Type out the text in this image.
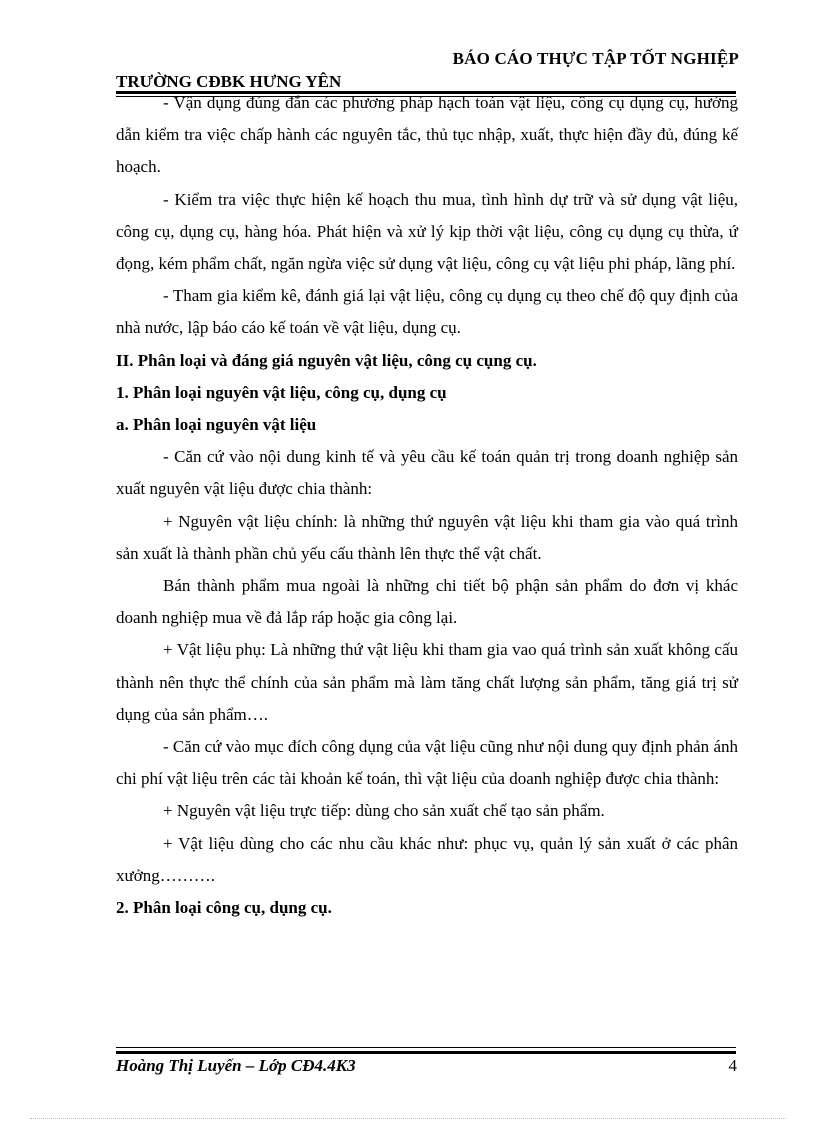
BÁO CÁO THỰC TẬP TỐT NGHIỆP
TRƯỜNG CĐBK HƯNG YÊN

- Vận dụng đúng đắn các phương pháp hạch toán vật liệu, công cụ dụng cụ, hướng dẫn kiểm tra việc chấp hành các nguyên tắc, thủ tục nhập, xuất, thực hiện đầy đủ, đúng kế hoạch.

- Kiểm tra việc thực hiện kế hoạch thu mua, tình hình dự trữ và sử dụng vật liệu, công cụ, dụng cụ, hàng hóa. Phát hiện và xử lý kịp thời vật liệu, công cụ dụng cụ thừa, ứ đọng, kém phẩm chất, ngăn ngừa việc sử dụng vật liệu, công cụ vật liệu phi pháp, lãng phí.

- Tham gia kiểm kê, đánh giá lại vật liệu, công cụ dụng cụ theo chế độ quy định của nhà nước, lập báo cáo kế toán về vật liệu, dụng cụ.

II. Phân loại và đáng giá nguyên vật liệu, công cụ cụng cụ.

1. Phân loại nguyên vật liệu, công cụ, dụng cụ

a. Phân loại nguyên vật liệu

- Căn cứ vào nội dung kinh tế và yêu cầu kế toán quản trị trong doanh nghiệp sản xuất nguyên vật liệu được chia thành:

+ Nguyên vật liệu chính: là những thứ nguyên vật liệu khi tham gia vào quá trình sản xuất là thành phần chủ yếu cấu thành lên thực thể vật chất.

Bán thành phẩm mua ngoài là những chi tiết bộ phận sản phẩm do đơn vị khác doanh nghiệp mua về đả lắp ráp hoặc gia công lại.

+ Vật liệu phụ: Là những thứ vật liệu khi tham gia vao quá trình sản xuất không cấu thành nên thực thể chính của sản phẩm mà làm tăng chất lượng sản phẩm, tăng giá trị sử dụng của sản phẩm….

- Căn cứ vào mục đích công dụng của vật liệu cũng như nội dung quy định phản ánh chi phí vật liệu trên các tài khoản kế toán, thì vật liệu của doanh nghiệp được chia thành:

+ Nguyên vật liệu trực tiếp: dùng cho sản xuất chế tạo sản phẩm.

+ Vật liệu dùng cho các nhu cầu khác như: phục vụ, quản lý sản xuất ở các phân xưởng……….

2. Phân loại công cụ, dụng cụ.

Hoàng Thị Luyến – Lớp CĐ4.4K3	4
